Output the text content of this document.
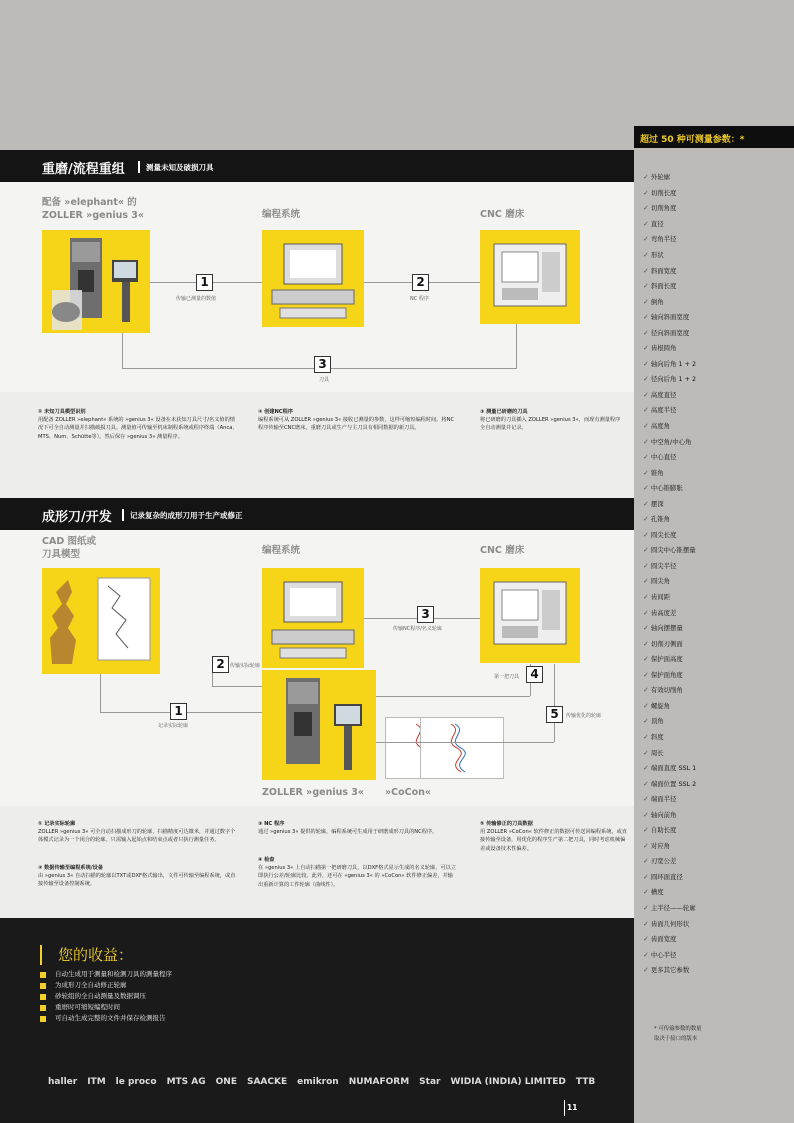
超过 50 种可测量参数：*
✓ 外轮廓
✓ 切削长度
✓ 切削角度
✓ 直径
✓ 弯角半径
✓ 形状
✓ 斜面宽度
✓ 斜面长度
✓ 倒角
✓ 轴向斜面宽度
✓ 径向斜面宽度
✓ 齿根圆角
✓ 轴向后角 1 + 2
✓ 径向后角 1 + 2
✓ 高度直径
✓ 高度半径
✓ 高度角
✓ 中空角/中心角
✓ 中心直径
✓ 锥角
✓ 中心锥膨胀
✓ 摆深
✓ 孔锥角
✓ 圆尖长度
✓ 圆尖中心锥摆量
✓ 圆尖半径
✓ 圆尖角
✓ 齿间距
✓ 齿高度差
✓ 轴向摆摆量
✓ 切削刃侧面
✓ 保护面高度
✓ 保护面角度
✓ 有效切削角
✓ 螺旋角
✓ 顶角
✓ 斜度
✓ 周长
✓ 端面直度 SSL 1
✓ 端面位置 SSL 2
✓ 端面半径
✓ 轴向前角
✓ 自助长度
✓ 对应角
✓ 刃宽公差
✓ 圆环面直径
✓ 槽度
✓ 主半径——轮廓
✓ 齿面几何形状
✓ 齿面宽度
✓ 中心半径
✓ 更多其它参数
* 可传输参数的数量
取决于接口的版本
重磨/流程重组	测量未知及破损刀具
配备 »elephant« 的
ZOLLER »genius 3«	编程系统	CNC 磨床
1
传输已测量的数值
2
NC 程序
3
刀具
① 未知刀具模型识别
用配备 ZOLLER »elephant« 系统的 »genius 3« 设备在未获知刀具尺寸/名义值的情况下可全自动测量并扫描破损刀具。测量值可传输至机床制程系统或程序终端（Anca、MTS、Num、Schütte等）。然后保存 »genius 3« 测量程序。
② 创建NC程序
编程系统可从 ZOLLER »genius 3« 接收已测量的参数，这样可缩短编程时间。将NC程序传输至CNC磨床，重磨刀具或生产与主刀具有相同数据的新刀具。
③ 测量已研磨的刀具
将已研磨的刀具插入 ZOLLER »genius 3«，而现有测量程序全自动测量并记录。
成形刀/开发 记录复杂的成形刀用于生产或修正
CAD 图纸或
刀具模型	编程系统	CNC 磨床
ZOLLER »genius 3« »CoCon«
1
记录实际轮廓
2	传输实际轮廓
3
传输NC程序/名义轮廓
4
第一把刀具
5	传输优化的轮廓
① 记录实际轮廓
ZOLLER »genius 3« 可全自动扫描成形刀的轮廓，扫描精度可达微米，并通过数字个体模式记录为一个闭合的轮廓。只需输入起始点和结束点或者只执行测量任务。
② 数据传输至编程系统/设备
由 »genius 3« 自动扫描的轮廓以TXT或DXF格式输出，文件可传输至编程系统，或直接传输至设备控制系统。
③ NC 程序
通过 »genius 3« 提供的轮廓，编程系统可生成用于研磨成形刀具的NC程序。
④ 检查
在 »genius 3« 上自动扫描第一把研磨刀具，以DXF格式显示生成的名义轮廓，可以立即执行公差/轮廓比较。此外，还可在 »genius 3« 的 »CoCon« 软件修正偏差，并输出重新计算的工件轮廓（曲线性）。
⑤ 传输修正的刀具数据
用 ZOLLER »CoCon« 软件修正的数据可传送回编程系统，或直接传输至设备，用优化的程序生产第二把刀具，同时考虑机械偏差或设备技术性偏差。
您的收益：
自动生成用于测量和检测刀具的测量程序
为成形刀全自动修正轮廓
砂轮组的全自动测量及数据调压
重磨时可缩短编程时间
可自动生成完整的文件并保存检测报告
haller ITM le proco MTS AG ONE SAACKE emikron NUMAFORM Star WIDIA (INDIA) LIMITED TTB
11
